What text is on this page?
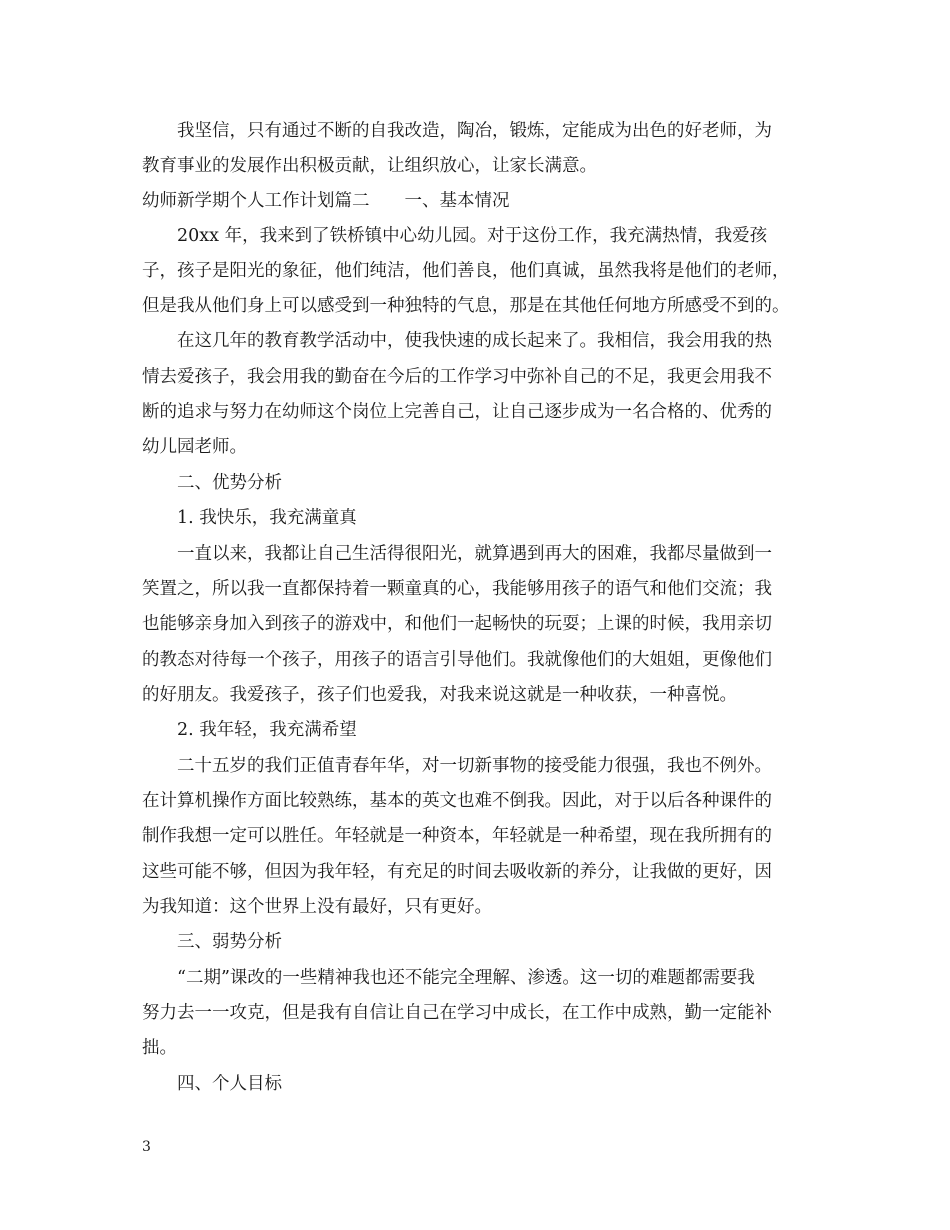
我坚信，只有通过不断的自我改造，陶冶，锻炼，定能成为出色的好老师，为
教育事业的发展作出积极贡献，让组织放心，让家长满意。
幼师新学期个人工作计划篇二　　一、基本情况
20xx 年，我来到了铁桥镇中心幼儿园。对于这份工作，我充满热情，我爱孩
子，孩子是阳光的象征，他们纯洁，他们善良，他们真诚，虽然我将是他们的老师，
但是我从他们身上可以感受到一种独特的气息，那是在其他任何地方所感受不到的。
在这几年的教育教学活动中，使我快速的成长起来了。我相信，我会用我的热
情去爱孩子，我会用我的勤奋在今后的工作学习中弥补自己的不足，我更会用我不
断的追求与努力在幼师这个岗位上完善自己，让自己逐步成为一名合格的、优秀的
幼儿园老师。
二、优势分析
1. 我快乐，我充满童真
一直以来，我都让自己生活得很阳光，就算遇到再大的困难，我都尽量做到一
笑置之，所以我一直都保持着一颗童真的心，我能够用孩子的语气和他们交流；我
也能够亲身加入到孩子的游戏中，和他们一起畅快的玩耍；上课的时候，我用亲切
的教态对待每一个孩子，用孩子的语言引导他们。我就像他们的大姐姐，更像他们
的好朋友。我爱孩子，孩子们也爱我，对我来说这就是一种收获，一种喜悦。
2. 我年轻，我充满希望
二十五岁的我们正值青春年华，对一切新事物的接受能力很强，我也不例外。
在计算机操作方面比较熟练，基本的英文也难不倒我。因此，对于以后各种课件的
制作我想一定可以胜任。年轻就是一种资本，年轻就是一种希望，现在我所拥有的
这些可能不够，但因为我年轻，有充足的时间去吸收新的养分，让我做的更好，因
为我知道：这个世界上没有最好，只有更好。
三、弱势分析
“二期”课改的一些精神我也还不能完全理解、渗透。这一切的难题都需要我
努力去一一攻克，但是我有自信让自己在学习中成长，在工作中成熟，勤一定能补
拙。
四、个人目标
3
